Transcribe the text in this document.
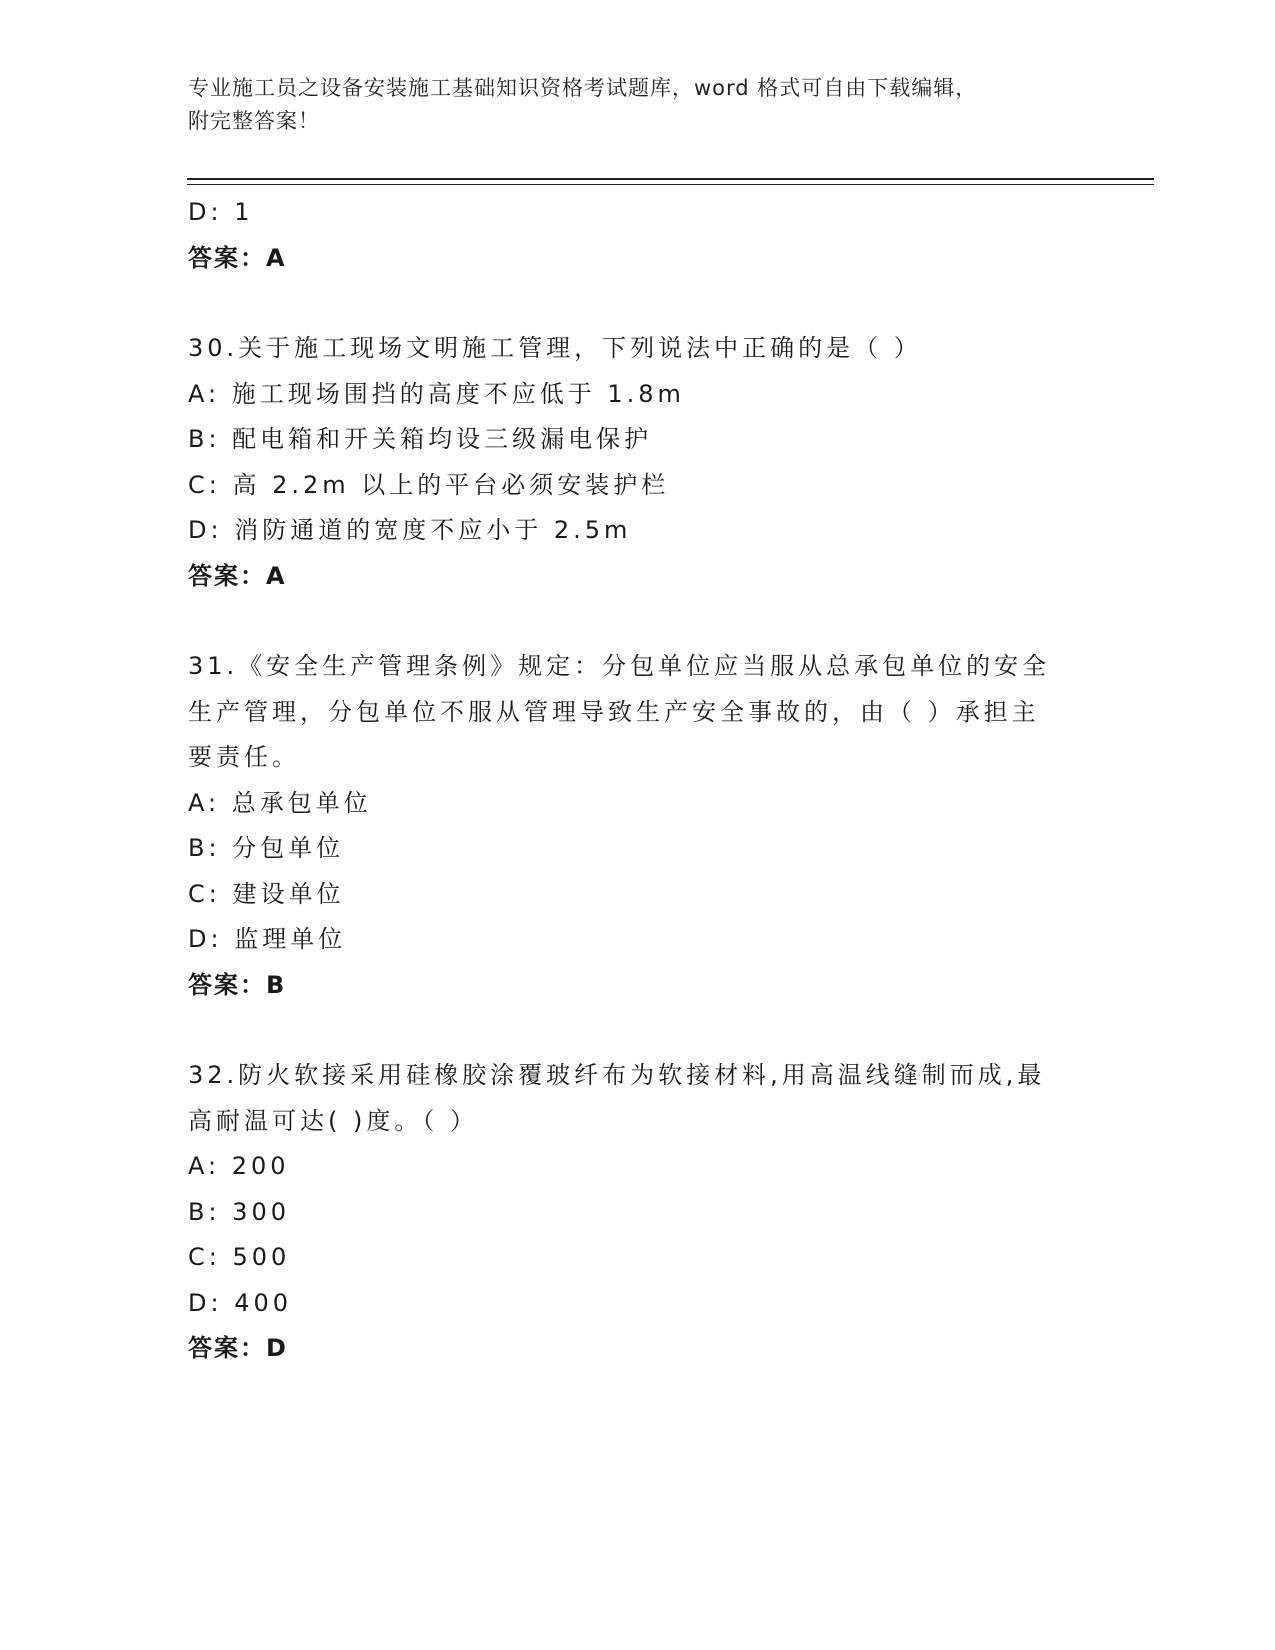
专业施工员之设备安装施工基础知识资格考试题库，word 格式可自由下载编辑，
附完整答案！
D: 1
答案：A
30.关于施工现场文明施工管理，下列说法中正确的是（ ）
A: 施工现场围挡的高度不应低于 1.8m
B: 配电箱和开关箱均设三级漏电保护
C: 高 2.2m 以上的平台必须安装护栏
D: 消防通道的宽度不应小于 2.5m
答案：A
31.《安全生产管理条例》规定：分包单位应当服从总承包单位的安全
生产管理，分包单位不服从管理导致生产安全事故的，由（ ）承担主
要责任。
A: 总承包单位
B: 分包单位
C: 建设单位
D: 监理单位
答案：B
32.防火软接采用硅橡胶涂覆玻纤布为软接材料,用高温线缝制而成,最
高耐温可达( )度。（ ）
A: 200
B: 300
C: 500
D: 400
答案：D
